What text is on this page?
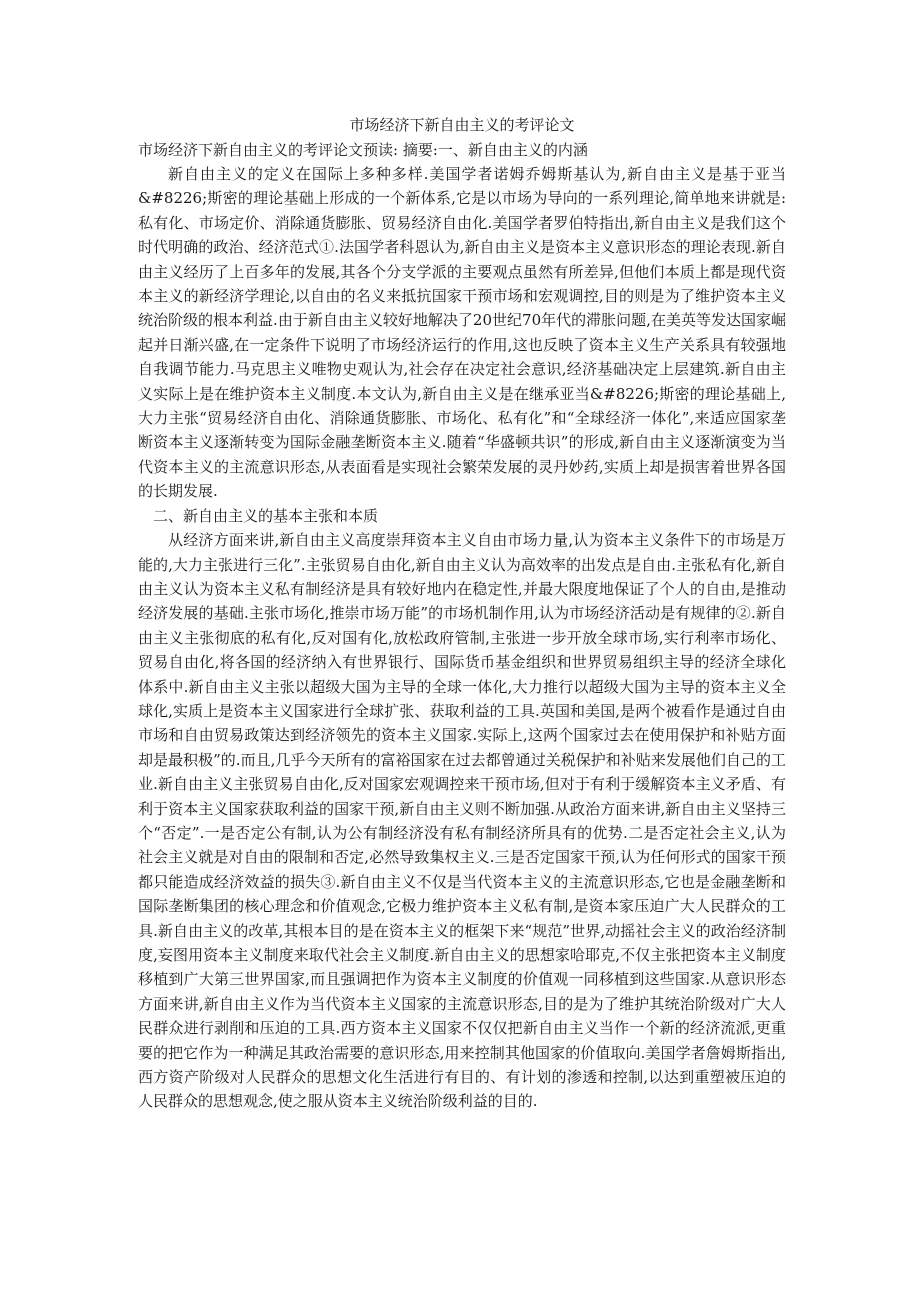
市场经济下新自由主义的考评论文

市场经济下新自由主义的考评论文预读: 摘要:一、新自由主义的内涵

新自由主义的定义在国际上多种多样.美国学者诺姆乔姆斯基认为,新自由主义是基于亚当&#8226;斯密的理论基础上形成的一个新体系,它是以市场为导向的一系列理论,简单地来讲就是:私有化、市场定价、消除通货膨胀、贸易经济自由化.美国学者罗伯特指出,新自由主义是我们这个时代明确的政治、经济范式①.法国学者科恩认为,新自由主义是资本主义意识形态的理论表现.新自由主义经历了上百多年的发展,其各个分支学派的主要观点虽然有所差异,但他们本质上都是现代资本主义的新经济学理论,以自由的名义来抵抗国家干预市场和宏观调控,目的则是为了维护资本主义统治阶级的根本利益.由于新自由主义较好地解决了20世纪70年代的滞胀问题,在美英等发达国家崛起并日渐兴盛,在一定条件下说明了市场经济运行的作用,这也反映了资本主义生产关系具有较强地自我调节能力.马克思主义唯物史观认为,社会存在决定社会意识,经济基础决定上层建筑.新自由主义实际上是在维护资本主义制度.本文认为,新自由主义是在继承亚当&#8226;斯密的理论基础上,大力主张“贸易经济自由化、消除通货膨胀、市场化、私有化”和“全球经济一体化”,来适应国家垄断资本主义逐渐转变为国际金融垄断资本主义.随着“华盛顿共识”的形成,新自由主义逐渐演变为当代资本主义的主流意识形态,从表面看是实现社会繁荣发展的灵丹妙药,实质上却是损害着世界各国的长期发展.

二、新自由主义的基本主张和本质

从经济方面来讲,新自由主义高度崇拜资本主义自由市场力量,认为资本主义条件下的市场是万能的,大力主张进行三化”.主张贸易自由化,新自由主义认为高效率的出发点是自由.主张私有化,新自由主义认为资本主义私有制经济是具有较好地内在稳定性,并最大限度地保证了个人的自由,是推动经济发展的基础.主张市场化,推崇市场万能”的市场机制作用,认为市场经济活动是有规律的②.新自由主义主张彻底的私有化,反对国有化,放松政府管制,主张进一步开放全球市场,实行利率市场化、贸易自由化,将各国的经济纳入有世界银行、国际货币基金组织和世界贸易组织主导的经济全球化体系中.新自由主义主张以超级大国为主导的全球一体化,大力推行以超级大国为主导的资本主义全球化,实质上是资本主义国家进行全球扩张、获取利益的工具.英国和美国,是两个被看作是通过自由市场和自由贸易政策达到经济领先的资本主义国家.实际上,这两个国家过去在使用保护和补贴方面却是最积极”的.而且,几乎今天所有的富裕国家在过去都曾通过关税保护和补贴来发展他们自己的工业.新自由主义主张贸易自由化,反对国家宏观调控来干预市场,但对于有利于缓解资本主义矛盾、有利于资本主义国家获取利益的国家干预,新自由主义则不断加强.从政治方面来讲,新自由主义坚持三个“否定”.一是否定公有制,认为公有制经济没有私有制经济所具有的优势.二是否定社会主义,认为社会主义就是对自由的限制和否定,必然导致集权主义.三是否定国家干预,认为任何形式的国家干预都只能造成经济效益的损失③.新自由主义不仅是当代资本主义的主流意识形态,它也是金融垄断和国际垄断集团的核心理念和价值观念,它极力维护资本主义私有制,是资本家压迫广大人民群众的工具.新自由主义的改革,其根本目的是在资本主义的框架下来“规范”世界,动摇社会主义的政治经济制度,妄图用资本主义制度来取代社会主义制度.新自由主义的思想家哈耶克,不仅主张把资本主义制度移植到广大第三世界国家,而且强调把作为资本主义制度的价值观一同移植到这些国家.从意识形态方面来讲,新自由主义作为当代资本主义国家的主流意识形态,目的是为了维护其统治阶级对广大人民群众进行剥削和压迫的工具.西方资本主义国家不仅仅把新自由主义当作一个新的经济流派,更重要的把它作为一种满足其政治需要的意识形态,用来控制其他国家的价值取向.美国学者詹姆斯指出,西方资产阶级对人民群众的思想文化生活进行有目的、有计划的渗透和控制,以达到重塑被压迫的人民群众的思想观念,使之服从资本主义统治阶级利益的目的.
